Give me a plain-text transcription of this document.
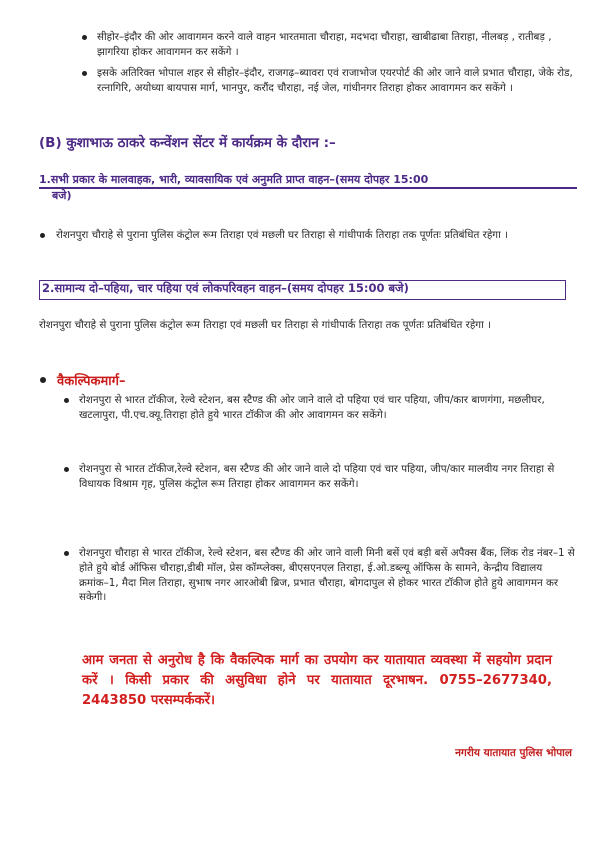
सीहोर–इंदौर की ओर आवागमन करने वाले वाहन भारतमाता चौराहा, मदभदा चौराहा, खाबीढाबा तिराहा, नीलबड़ , रातीबड़ , झागरिया होकर आवागमन कर सकेंगे ।
इसके अतिरिक्त भोपाल शहर से सीहोर–इंदौर, राजगढ़–ब्यावरा एवं राजाभोज एयरपोर्ट की ओर जाने वाले प्रभात चौराहा, जेके रोड, रत्नागिरि, अयोध्या बायपास मार्ग, भानपुर, करौंद चौराहा, नई जेल, गांधीनगर तिराहा होकर आवागमन कर सकेंगे ।
(B) कुशाभाऊ ठाकरे कन्वेंशन सेंटर में कार्यक्रम के दौरान :–
1.सभी प्रकार के मालवाहक, भारी, व्यावसायिक एवं अनुमति प्राप्त वाहन–(समय दोपहर 15:00
बजे)
रोशनपुरा चौराहे से पुराना पुलिस कंट्रोल रूम तिराहा एवं मछली घर तिराहा से गांधीपार्क तिराहा तक पूर्णतः प्रतिबंधित रहेगा ।
2.सामान्य दो–पहिया, चार पहिया एवं लोकपरिवहन वाहन–(समय दोपहर 15:00 बजे)
रोशनपुरा चौराहे से पुराना पुलिस कंट्रोल रूम तिराहा एवं मछली घर तिराहा से गांधीपार्क तिराहा तक पूर्णतः प्रतिबंधित रहेगा ।
वैकल्पिकमार्ग–
रोशनपुरा से भारत टॉकीज, रेल्वे स्टेशन, बस स्टैण्ड की ओर जाने वाले दो पहिया एवं चार पहिया, जीप/कार बाणगंगा, मछलीघर, खटलापुरा, पी.एच.क्यू.तिराहा होते हुये भारत टॉकीज की ओर आवागमन कर सकेंगे।
रोशनपुरा से भारत टॉकीज,रेल्वे स्टेशन, बस स्टैण्ड की ओर जाने वाले दो पहिया एवं चार पहिया, जीप/कार मालवीय नगर तिराहा से विधायक विश्राम गृह, पुलिस कंट्रोल रूम तिराहा होकर आवागमन कर सकेंगे।
रोशनपुरा चौराहा से भारत टॉकीज, रेल्वे स्टेशन, बस स्टैण्ड की ओर जाने वाली मिनी बसें एवं बड़ी बसें अपैक्स बैंक, लिंक रोड नंबर–1 से होते हुये बोर्ड ऑफिस चौराहा,डीबी मॉल, प्रेस कॉम्प्लेक्स, बीएसएनएल तिराहा, ई.ओ.डब्ल्यू ऑफिस के सामने, केन्द्रीय विद्यालय क्रमांक–1, मैदा मिल तिराहा, सुभाष नगर आरओबी ब्रिज, प्रभात चौराहा, बोगदापुल से होकर भारत टॉकीज होते हुये आवागमन कर सकेगी।
आम जनता से अनुरोध है कि वैकल्पिक मार्ग का उपयोग कर यातायात व्यवस्था में सहयोग प्रदान करें । किसी प्रकार की असुविधा होने पर यातायात दूरभाषन. 0755–2677340, 2443850 परसम्पर्ककरें।
नगरीय यातायात पुलिस भोपाल
